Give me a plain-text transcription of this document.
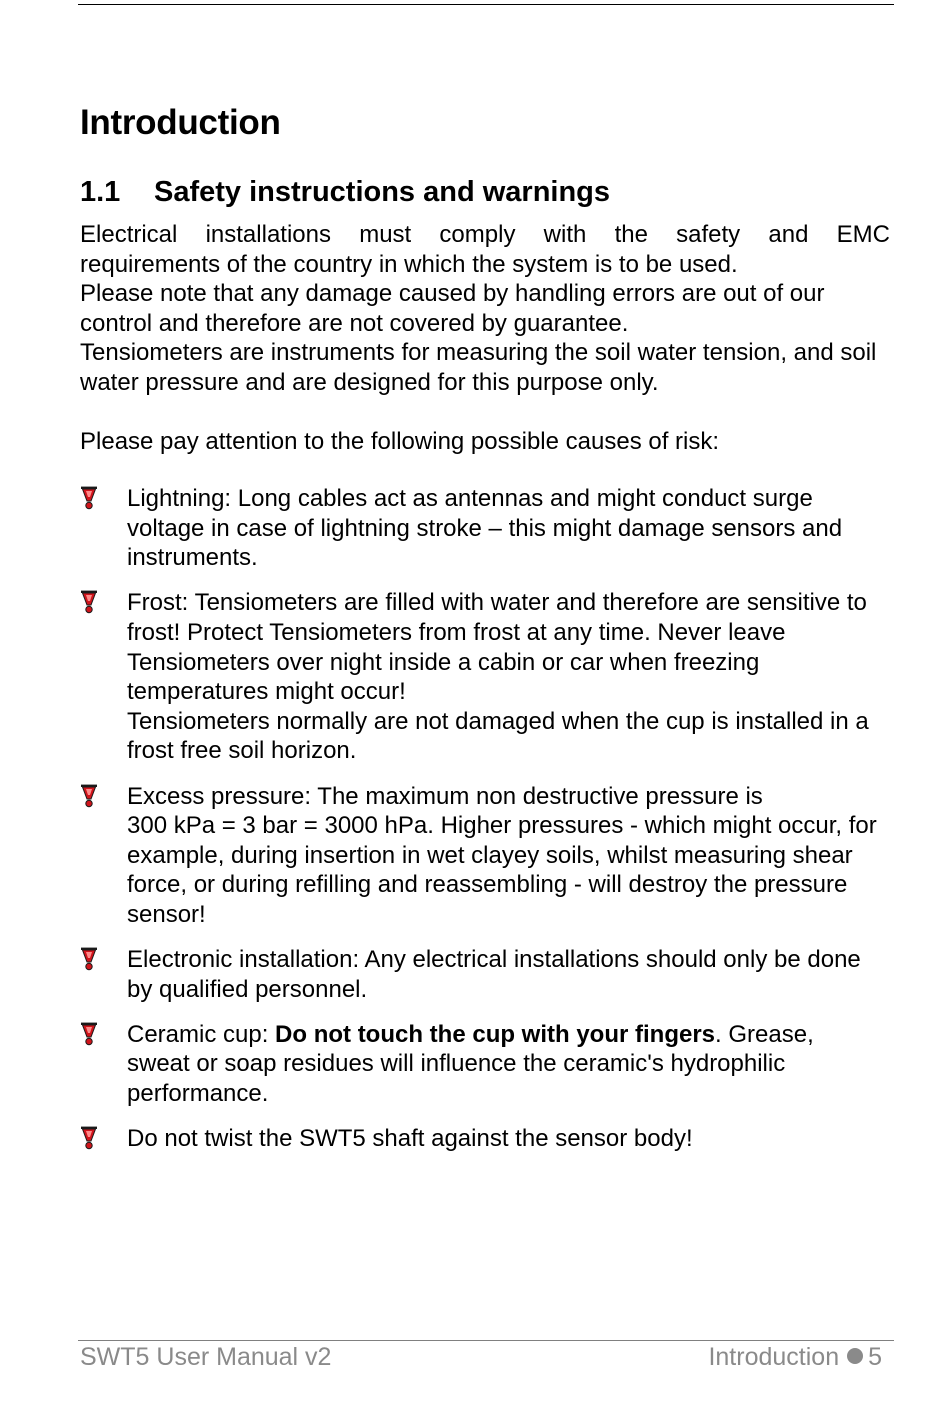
Introduction
1.1 Safety instructions and warnings

Electrical installations must comply with the safety and EMC

requirements of the country in which the system is to be used.

Please note that any damage caused by handling errors are out of our control and therefore are not covered by guarantee.

Tensiometers are instruments for measuring the soil water tension, and soil water pressure and are designed for this purpose only.

Please pay attention to the following possible causes of risk:

Lightning: Long cables act as antennas and might conduct surge voltage in case of lightning stroke – this might damage sensors and instruments.
Frost: Tensiometers are filled with water and therefore are sensitive to frost! Protect Tensiometers from frost at any time. Never leave Tensiometers over night inside a cabin or car when freezing temperatures might occur!
Tensiometers normally are not damaged when the cup is installed in a frost free soil horizon.
Excess pressure: The maximum non destructive pressure is
300 kPa = 3 bar = 3000 hPa. Higher pressures - which might occur, for example, during insertion in wet clayey soils, whilst measuring shear force, or during refilling and reassembling - will destroy the pressure sensor!
Electronic installation: Any electrical installations should only be done by qualified personnel.
Ceramic cup: Do not touch the cup with your fingers. Grease, sweat or soap residues will influence the ceramic's hydrophilic performance.
Do not twist the SWT5 shaft against the sensor body!
SWT5 User Manual v2	Introduction 5
